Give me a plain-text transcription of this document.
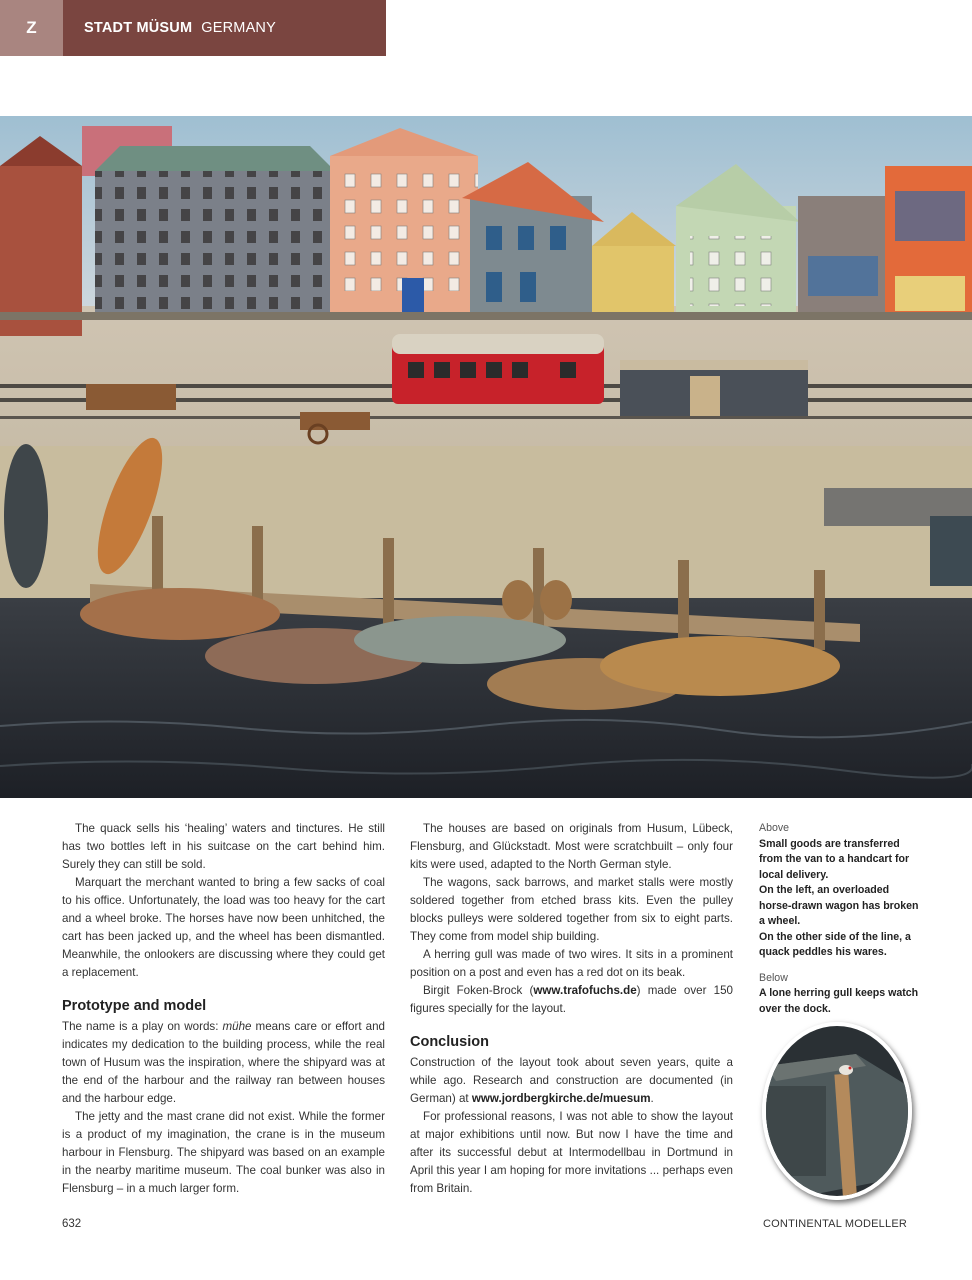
Z	STADT MÜSUM GERMANY

The quack sells his ‘healing’ waters and tinctures. He still has two bottles left in his suitcase on the cart behind him. Surely they can still be sold.

Marquart the merchant wanted to bring a few sacks of coal to his office. Unfortunately, the load was too heavy for the cart and a wheel broke. The horses have now been unhitched, the cart has been jacked up, and the wheel has been dismantled. Meanwhile, the onlookers are discussing where they could get a replacement.

Prototype and model

The name is a play on words: mühe means care or effort and indicates my dedication to the building process, while the real town of Husum was the inspiration, where the shipyard was at the end of the harbour and the railway ran between houses and the harbour edge.

The jetty and the mast crane did not exist. While the former is a product of my imagination, the crane is in the museum harbour in Flensburg. The shipyard was based on an example in the nearby maritime museum. The coal bunker was also in Flensburg – in a much larger form.

The houses are based on originals from Husum, Lübeck, Flensburg, and Glückstadt. Most were scratchbuilt – only four kits were used, adapted to the North German style.

The wagons, sack barrows, and market stalls were mostly soldered together from etched brass kits. Even the pulley blocks pulleys were soldered together from six to eight parts. They come from model ship building.

A herring gull was made of two wires. It sits in a prominent position on a post and even has a red dot on its beak.

Birgit Foken-Brock (www.trafofuchs.de) made over 150 figures specially for the layout.

Conclusion

Construction of the layout took about seven years, quite a while ago. Research and construction are documented (in German) at www.jordbergkirche.de/muesum.

For professional reasons, I was not able to show the layout at major exhibitions until now. But now I have the time and after its successful debut at Intermodellbau in Dortmund in April this year I am hoping for more invitations ... perhaps even from Britain.

Above
Small goods are transferred from the van to a handcart for local delivery.
On the left, an overloaded horse-drawn wagon has broken a wheel.
On the other side of the line, a quack peddles his wares.
Below
A lone herring gull keeps watch over the dock.
632	CONTINENTAL MODELLER
